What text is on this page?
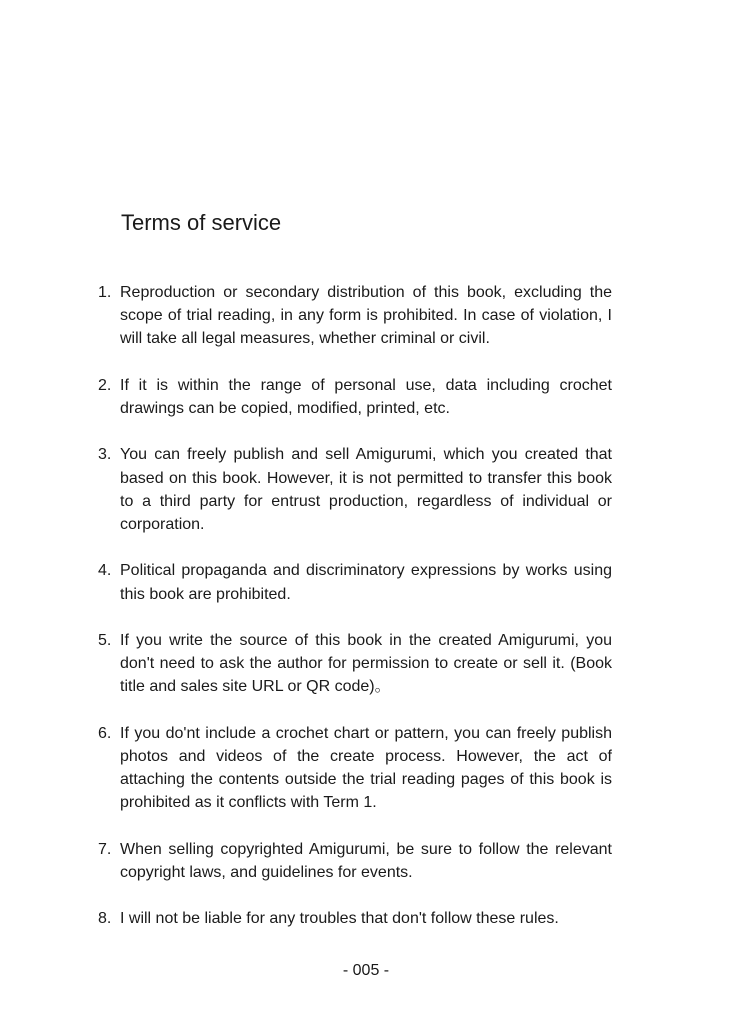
Terms of service
1. Reproduction or secondary distribution of this book, excluding the scope of trial reading, in any form is prohibited. In case of violation, I will take all legal measures, whether criminal or civil.
2. If it is within the range of personal use, data including crochet drawings can be copied, modified, printed, etc.
3. You can freely publish and sell Amigurumi, which you created that based on this book. However, it is not permitted to transfer this book to a third party for entrust production, regardless of individual or corporation.
4. Political propaganda and discriminatory expressions by works using this book are prohibited.
5. If you write the source of this book in the created Amigurumi, you don't need to ask the author for permission to create or sell it. (Book title and sales site URL or QR code)。
6. If you do'nt include a crochet chart or pattern, you can freely publish photos and videos of the create process. However, the act of attaching the contents outside the trial reading pages of this book is prohibited as it conflicts with Term 1.
7. When selling copyrighted Amigurumi, be sure to follow the relevant copyright laws, and guidelines for events.
8. I will not be liable for any troubles that don't follow these rules.
- 005 -
